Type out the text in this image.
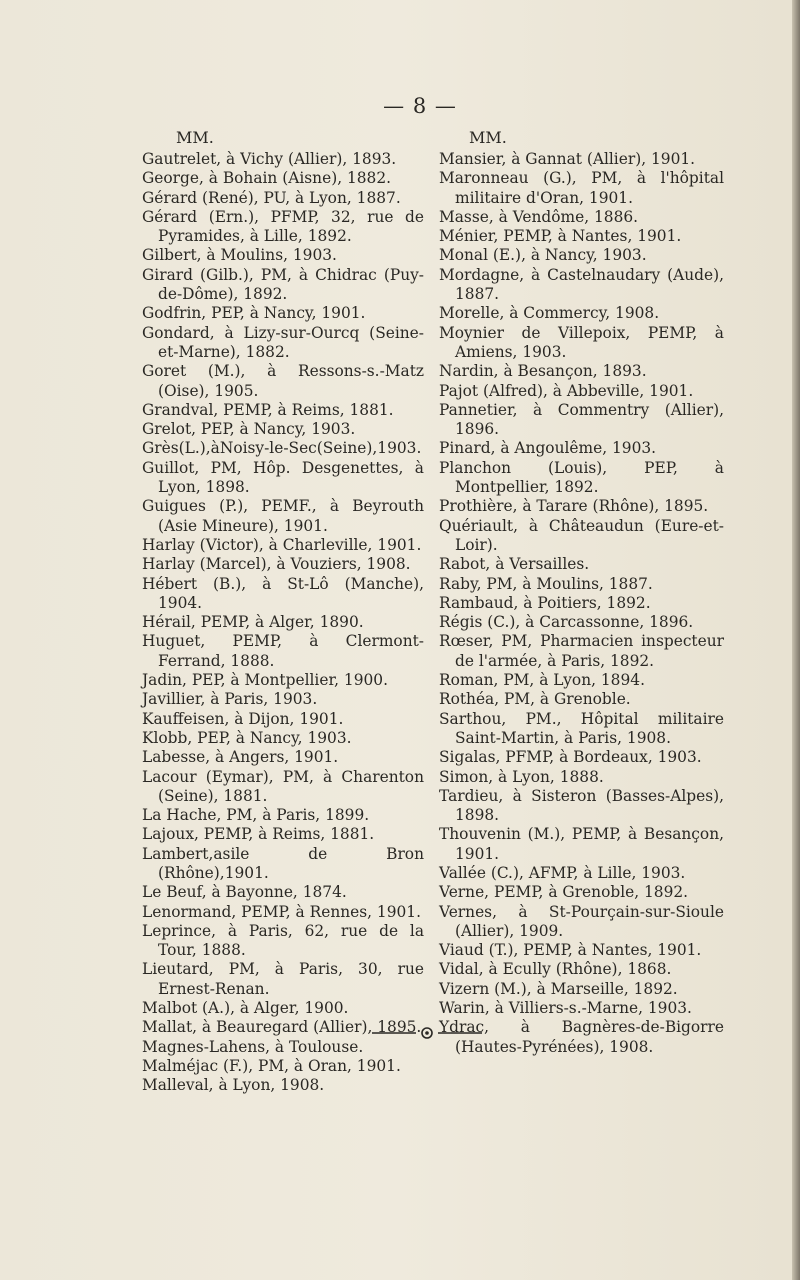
— 8 —
MM.	MM.

Gautrelet, à Vichy (Allier), 1893.

George, à Bohain (Aisne), 1882.

Gérard (René), PU, à Lyon, 1887.

Gérard (Ern.), PFMP, 32, rue de Pyramides, à Lille, 1892.

Gilbert, à Moulins, 1903.

Girard (Gilb.), PM, à Chidrac (Puy-de-Dôme), 1892.

Godfrin, PEP, à Nancy, 1901.

Gondard, à Lizy-sur-Ourcq (Seine-et-Marne), 1882.

Goret (M.), à Ressons-s.-Matz (Oise), 1905.

Grandval, PEMP, à Reims, 1881.

Grelot, PEP, à Nancy, 1903.

Grès(L.),àNoisy-le-Sec(Seine),1903.

Guillot, PM, Hôp. Desgenettes, à Lyon, 1898.

Guigues (P.), PEMF., à Beyrouth (Asie Mineure), 1901.

Harlay (Victor), à Charleville, 1901.

Harlay (Marcel), à Vouziers, 1908.

Hébert (B.), à St-Lô (Manche), 1904.

Hérail, PEMP, à Alger, 1890.

Huguet, PEMP, à Clermont-Ferrand, 1888.

Jadin, PEP, à Montpellier, 1900.

Javillier, à Paris, 1903.

Kauffeisen, à Dijon, 1901.

Klobb, PEP, à Nancy, 1903.

Labesse, à Angers, 1901.

Lacour (Eymar), PM, à Charenton (Seine), 1881.

La Hache, PM, à Paris, 1899.

Lajoux, PEMP, à Reims, 1881.

Lambert,asile de Bron (Rhône),1901.

Le Beuf, à Bayonne, 1874.

Lenormand, PEMP, à Rennes, 1901.

Leprince, à Paris, 62, rue de la Tour, 1888.

Lieutard, PM, à Paris, 30, rue Ernest-Renan.

Malbot (A.), à Alger, 1900.

Mallat, à Beauregard (Allier), 1895.

Magnes-Lahens, à Toulouse.

Malméjac (F.), PM, à Oran, 1901.

Malleval, à Lyon, 1908.

Mansier, à Gannat (Allier), 1901.

Maronneau (G.), PM, à l'hôpital militaire d'Oran, 1901.

Masse, à Vendôme, 1886.

Ménier, PEMP, à Nantes, 1901.

Monal (E.), à Nancy, 1903.

Mordagne, à Castelnaudary (Aude), 1887.

Morelle, à Commercy, 1908.

Moynier de Villepoix, PEMP, à Amiens, 1903.

Nardin, à Besançon, 1893.

Pajot (Alfred), à Abbeville, 1901.

Pannetier, à Commentry (Allier), 1896.

Pinard, à Angoulême, 1903.

Planchon (Louis), PEP, à Montpellier, 1892.

Prothière, à Tarare (Rhône), 1895.

Quériault, à Châteaudun (Eure-et-Loir).

Rabot, à Versailles.

Raby, PM, à Moulins, 1887.

Rambaud, à Poitiers, 1892.

Régis (C.), à Carcassonne, 1896.

Rœser, PM, Pharmacien inspecteur de l'armée, à Paris, 1892.

Roman, PM, à Lyon, 1894.

Rothéa, PM, à Grenoble.

Sarthou, PM., Hôpital militaire Saint-Martin, à Paris, 1908.

Sigalas, PFMP, à Bordeaux, 1903.

Simon, à Lyon, 1888.

Tardieu, à Sisteron (Basses-Alpes), 1898.

Thouvenin (M.), PEMP, à Besançon, 1901.

Vallée (C.), AFMP, à Lille, 1903.

Verne, PEMP, à Grenoble, 1892.

Vernes, à St-Pourçain-sur-Sioule (Allier), 1909.

Viaud (T.), PEMP, à Nantes, 1901.

Vidal, à Ecully (Rhône), 1868.

Vizern (M.), à Marseille, 1892.

Warin, à Villiers-s.-Marne, 1903.

Ydrac, à Bagnères-de-Bigorre (Hautes-Pyrénées), 1908.
